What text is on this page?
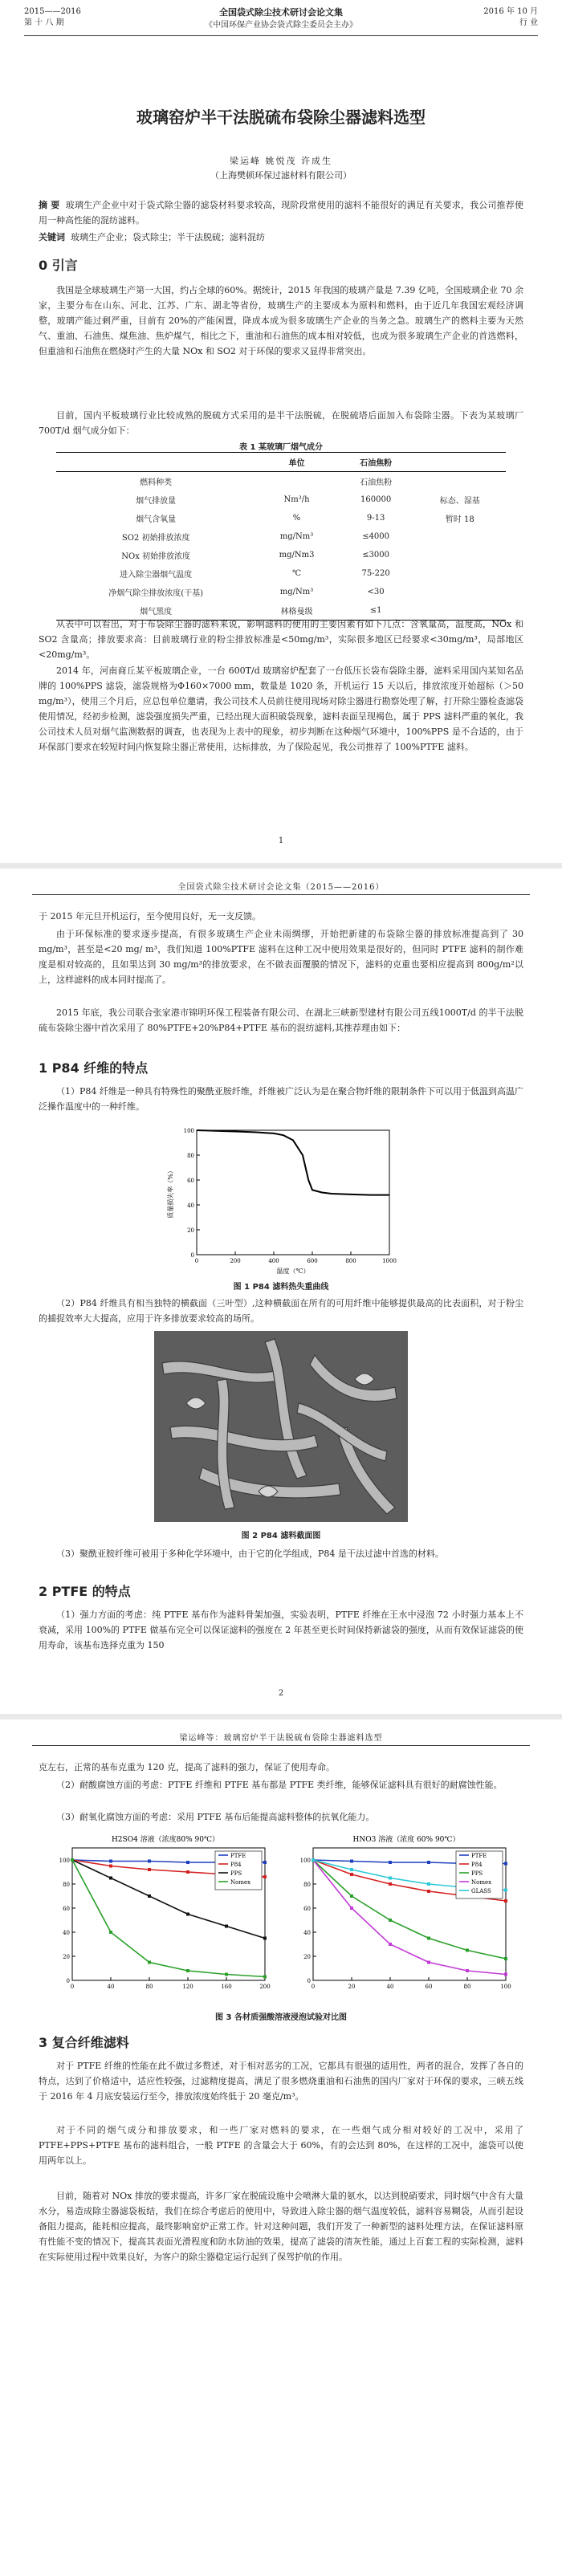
2015——2016
第 十 八 期
全国袋式除尘技术研讨会论文集
《中国环保产业协会袋式除尘委员会主办》
2016 年 10 月
行 业
玻璃窑炉半干法脱硫布袋除尘器滤料选型
梁运峰 姚悦茂 许成生
（上海樊顿环保过滤材料有限公司）

摘 要 玻璃生产企业中对于袋式除尘器的滤袋材料要求较高，现阶段常使用的滤料不能很好的满足有关要求，我公司推荐使用一种高性能的混纺滤料。

关键词 玻璃生产企业；袋式除尘；半干法脱硫；滤料混纺

0 引言

我国是全球玻璃生产第一大国，约占全球的60%。据统计，2015 年我国的玻璃产量是 7.39 亿吨，全国玻璃企业 70 余家，主要分布在山东、河北、江苏、广东、湖北等省份，玻璃生产的主要成本为原料和燃料，由于近几年我国宏观经济调整，玻璃产能过剩严重，目前有 20%的产能闲置，降成本成为很多玻璃生产企业的当务之急。玻璃生产的燃料主要为天然气、重油、石油焦、煤焦油、焦炉煤气，相比之下，重油和石油焦的成本相对较低，也成为很多玻璃生产企业的首选燃料，但重油和石油焦在燃烧时产生的大量 NOx 和 SO2 对于环保的要求又显得非常突出。

目前，国内平板玻璃行业比较成熟的脱硫方式采用的是半干法脱硫，在脱硫塔后面加入布袋除尘器。下表为某玻璃厂700T/d 烟气成分如下：

表 1 某玻璃厂烟气成分
	单位	石油焦粉	
燃料种类		石油焦粉	
烟气排放量	Nm³/h	160000	标态、湿基
烟气含氧量	%	9-13	暂时 18
SO2 初始排放浓度	mg/Nm³	≤4000	
NOx 初始排放浓度	mg/Nm3	≤3000	
进入除尘器烟气温度	℃	75-220	
净烟气除尘排放浓度(干基)	mg/Nm³	<30	
烟气黑度	林格曼级	≤1	

从表中可以看出，对于布袋除尘器的滤料来说，影响滤料的使用的主要因素有如下几点：含氧量高，温度高，NOx 和 SO2 含量高；排放要求高：目前玻璃行业的粉尘排放标准是<50mg/m³，实际很多地区已经要求<30mg/m³，局部地区<20mg/m³。

2014 年，河南商丘某平板玻璃企业，一台 600T/d 玻璃窑炉配套了一台低压长袋布袋除尘器，滤料采用国内某知名品牌的 100%PPS 滤袋，滤袋规格为Φ160×7000 mm，数量是 1020 条，开机运行 15 天以后，排放浓度开始超标（＞50 mg/m³），使用三个月后，应总包单位邀请，我公司技术人员前往使用现场对除尘器进行勘察处理了解，打开除尘器检查滤袋使用情况，经初步检测，滤袋强度损失严重，已经出现大面积破袋现象，滤料表面呈现褐色，属于 PPS 滤料严重的氧化，我公司技术人员对烟气监测数据的调查，也表现为上表中的现象，初步判断在这种烟气环境中，100%PPS 是不合适的，由于环保部门要求在较短时间内恢复除尘器正常使用，达标排放，为了保险起见，我公司推荐了 100%PTFE 滤料。

1
全国袋式除尘技术研讨会论文集（2015——2016）

于 2015 年元旦开机运行，至今使用良好，无一支反馈。

由于环保标准的要求逐步提高，有很多玻璃生产企业未雨绸缪，开始把新建的布袋除尘器的排放标准提高到了 30 mg/m³，甚至是<20 mg/ m³，我们知道 100%PTFE 滤料在这种工况中使用效果是很好的，但同时 PTFE 滤料的制作难度是相对较高的，且如果达到 30 mg/m³的排放要求，在不做表面覆膜的情况下，滤料的克重也要相应提高到 800g/m²以上，这样滤料的成本同时提高了。

2015 年底，我公司联合张家港市锦明环保工程装备有限公司、在湖北三峡新型建材有限公司五线1000T/d 的半干法脱硫布袋除尘器中首次采用了 80%PTFE+20%P84+PTFE 基布的混纺滤料,其推荐理由如下：

1 P84 纤维的特点

（1）P84 纤维是一种具有特殊性的聚酰亚胺纤维，纤维被广泛认为是在聚合物纤维的限制条件下可以用于低温到高温广泛操作温度中的一种纤维。

0	200	400	600	800	1000
0
20
40
60
80
100
质量损失率（%）
温度（℃）
图 1 P84 滤料热失重曲线

（2）P84 纤维具有相当独特的横截面（三叶型）,这种横截面在所有的可用纤维中能够提供最高的比表面积，对于粉尘的捕捉效率大大提高，应用于许多排放要求较高的场所。

图 2 P84 滤料截面图

（3）聚酰亚胺纤维可被用于多种化学环境中，由于它的化学组成，P84 是干法过滤中首选的材料。

2 PTFE 的特点

（1）强力方面的考虑：纯 PTFE 基布作为滤料骨架加强，实验表明，PTFE 纤维在王水中浸泡 72 小时强力基本上不衰减，采用 100%的 PTFE 做基布完全可以保证滤料的强度在 2 年甚至更长时间保持新滤袋的强度，从而有效保证滤袋的使用寿命，该基布选择克重为 150

2
梁运峰等：玻璃窑炉半干法脱硫布袋除尘器滤料选型

克左右，正常的基布克重为 120 克，提高了滤料的强力，保证了使用寿命。

（2）耐酸腐蚀方面的考虑：PTFE 纤维和 PTFE 基布都是 PTFE 类纤维，能够保证滤料具有很好的耐腐蚀性能。

（3）耐氧化腐蚀方面的考虑：采用 PTFE 基布后能提高滤料整体的抗氧化能力。

H2SO4 溶液（浓度80% 90℃）
0
20
40
60
80
100
0	40	80	120	160	200
PTFE
P84
PPS
Nomex
HNO3 溶液（浓度 60% 90℃）
0
20
40
60
80
100
0	20	40	60	80	100
PTFE
P84
PPS
Nomex
GLASS
图 3 各材质强酸溶液浸泡试验对比图
3 复合纤维滤料

对于 PTFE 纤维的性能在此不做过多赘述，对于相对恶劣的工况，它都具有很强的适用性，两者的混合，发挥了各自的特点，达到了价格适中，适应性较强，过滤精度提高，满足了很多燃烧重油和石油焦的国内厂家对于环保的要求，三峡五线于 2016 年 4 月底安装运行至今，排放浓度始终低于 20 毫克/m³。

对于不同的烟气成分和排放要求，和一些厂家对燃料的要求，在一些烟气成分相对较好的工况中，采用了 PTFE+PPS+PTFE 基布的滤料组合，一般 PTFE 的含量会大于 60%，有的会达到 80%，在这样的工况中，滤袋可以使用两年以上。

目前，随着对 NOx 排放的要求提高，许多厂家在脱硫设施中会喷淋大量的氨水，以达到脱硝要求，同时烟气中含有大量水分，易造成除尘器滤袋板结，我们在综合考虑后的使用中，导致进入除尘器的烟气温度较低，滤料容易糊袋，从而引起设备阻力提高，能耗相应提高，最终影响窑炉正常工作。针对这种问题，我们开发了一种新型的滤料处理方法，在保证滤料原有性能不变的情况下，提高其表面光滑程度和防水防油的效果，提高了滤袋的清灰性能，通过上百套工程的实际检测，滤料在实际使用过程中效果良好，为客户的除尘器稳定运行起到了保驾护航的作用。
